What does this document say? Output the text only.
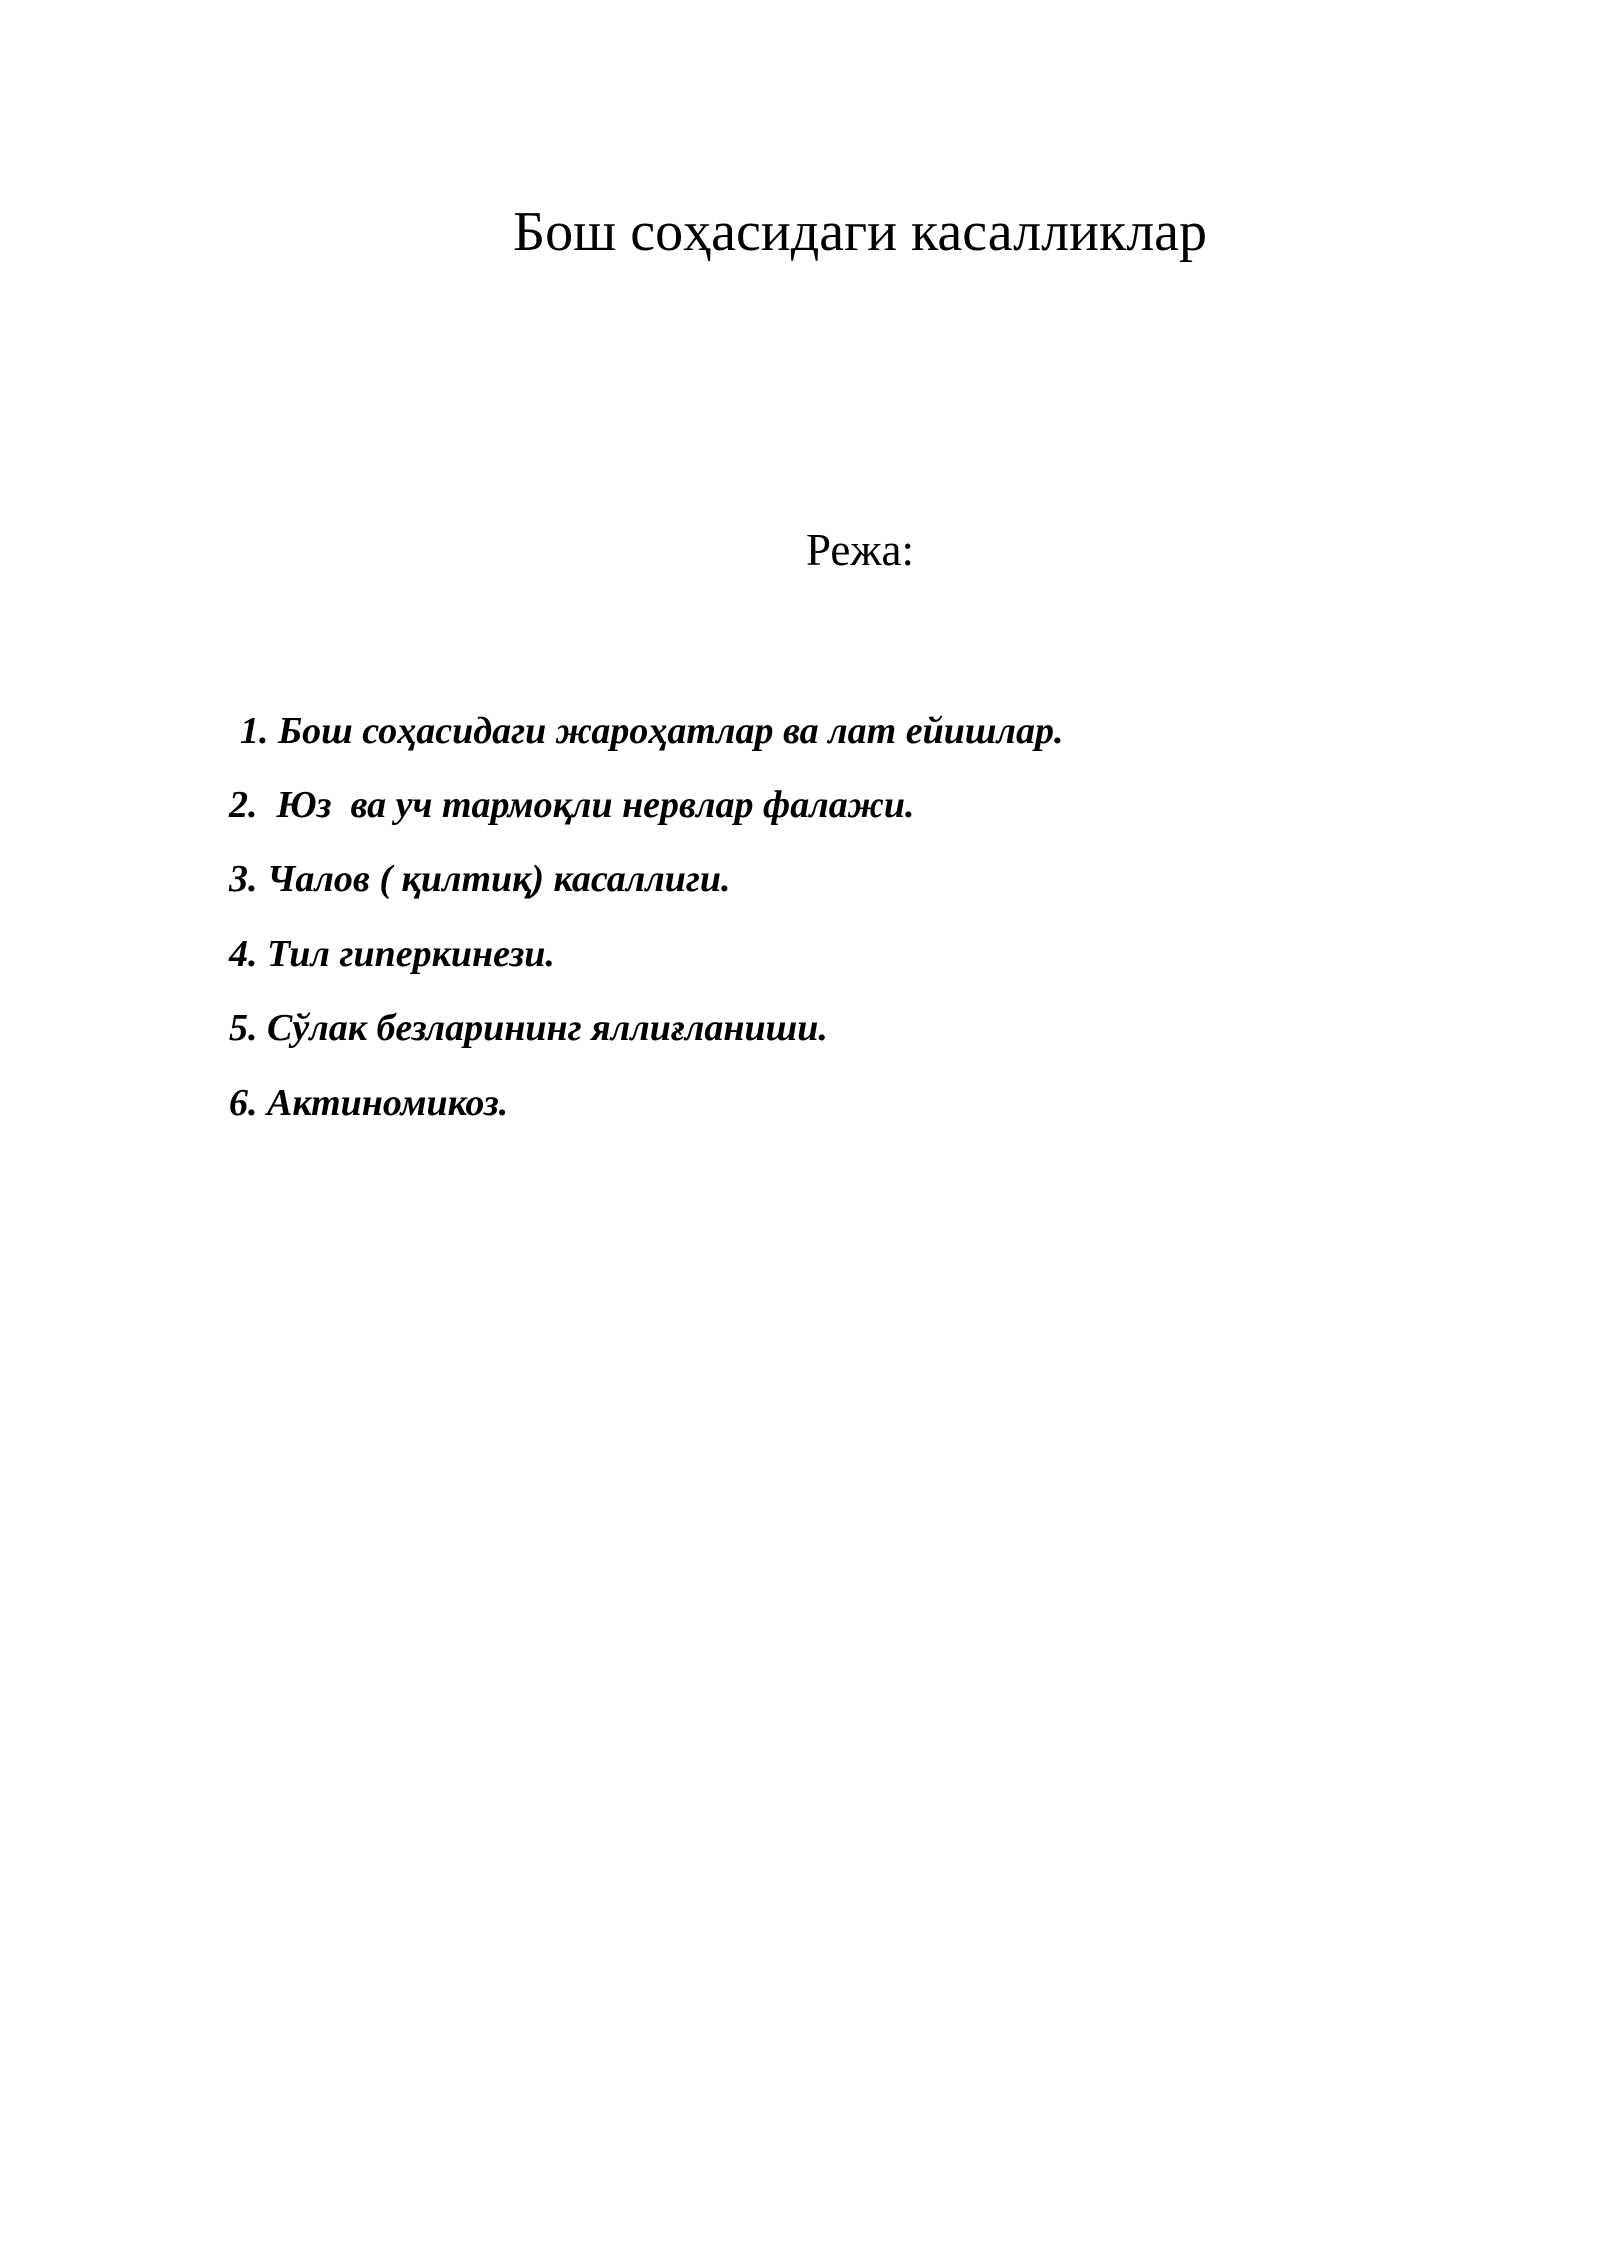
Бош соҳасидаги касалликлар
Режа:
1. Бош соҳасидаги жароҳатлар ва лат ейишлар.
2.  Юз  ва уч тармоқли нервлар фалажи.
3. Чалов ( қилтиқ) касаллиги.
4. Тил гиперкинези.
5. Сўлак безларининг яллиғланиши.
6. Актиномикоз.
